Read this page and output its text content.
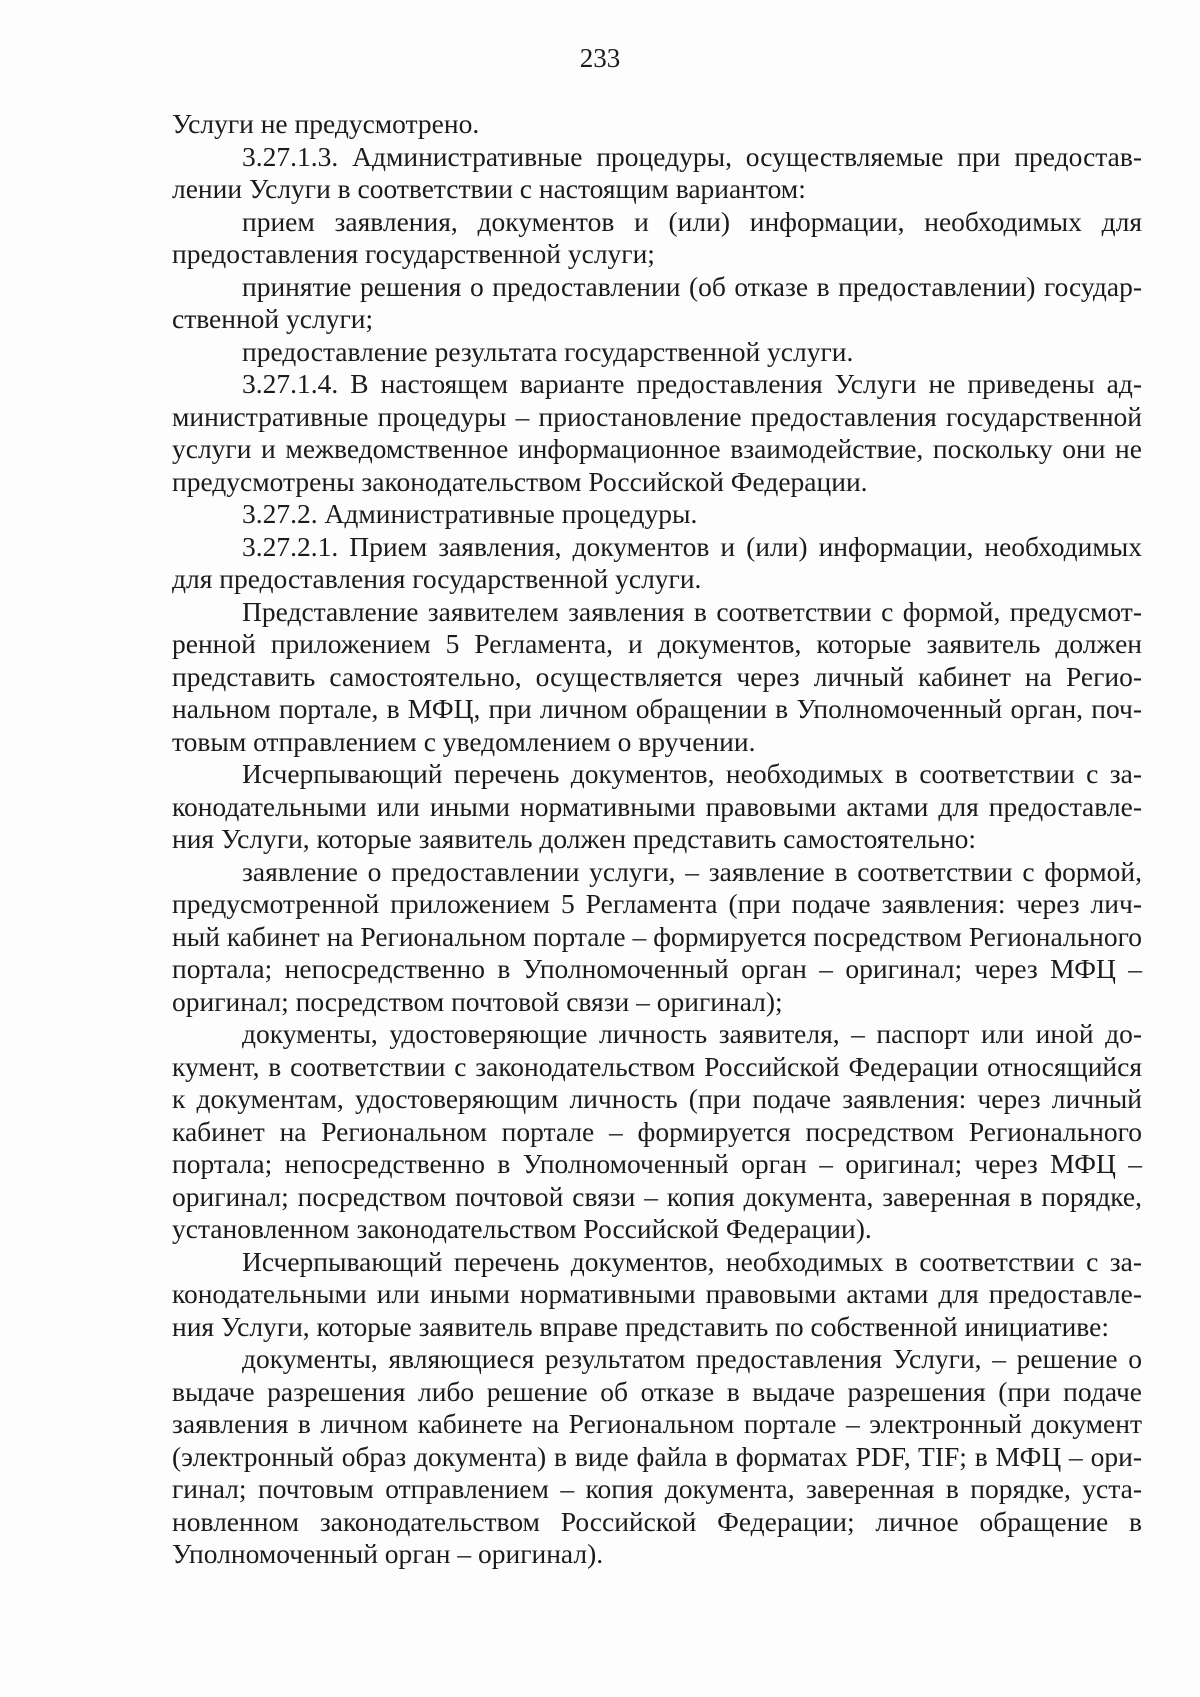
233

Услуги не предусмотрено.

3.27.1.3. Административные процедуры, осуществляемые при предоставлении Услуги в соответствии с настоящим вариантом:

прием заявления, документов и (или) информации, необходимых для предоставления государственной услуги;

принятие решения о предоставлении (об отказе в предоставлении) государственной услуги;

предоставление результата государственной услуги.

3.27.1.4. В настоящем варианте предоставления Услуги не приведены административные процедуры – приостановление предоставления государственной услуги и межведомственное информационное взаимодействие, поскольку они не предусмотрены законодательством Российской Федерации.

3.27.2. Административные процедуры.

3.27.2.1. Прием заявления, документов и (или) информации, необходимых для предоставления государственной услуги.

Представление заявителем заявления в соответствии с формой, предусмотренной приложением 5 Регламента, и документов, которые заявитель должен представить самостоятельно, осуществляется через личный кабинет на Региональном портале, в МФЦ, при личном обращении в Уполномоченный орган, почтовым отправлением с уведомлением о вручении.

Исчерпывающий перечень документов, необходимых в соответствии с законодательными или иными нормативными правовыми актами для предоставления Услуги, которые заявитель должен представить самостоятельно:

заявление о предоставлении услуги, – заявление в соответствии с формой, предусмотренной приложением 5 Регламента (при подаче заявления: через личный кабинет на Региональном портале – формируется посредством Регионального портала; непосредственно в Уполномоченный орган – оригинал; через МФЦ – оригинал; посредством почтовой связи – оригинал);

документы, удостоверяющие личность заявителя, – паспорт или иной документ, в соответствии с законодательством Российской Федерации относящийся к документам, удостоверяющим личность (при подаче заявления: через личный кабинет на Региональном портале – формируется посредством Регионального портала; непосредственно в Уполномоченный орган – оригинал; через МФЦ – оригинал; посредством почтовой связи – копия документа, заверенная в порядке, установленном законодательством Российской Федерации).

Исчерпывающий перечень документов, необходимых в соответствии с законодательными или иными нормативными правовыми актами для предоставления Услуги, которые заявитель вправе представить по собственной инициативе:

документы, являющиеся результатом предоставления Услуги, – решение о выдаче разрешения либо решение об отказе в выдаче разрешения (при подаче заявления в личном кабинете на Региональном портале – электронный документ (электронный образ документа) в виде файла в форматах PDF, TIF; в МФЦ – оригинал; почтовым отправлением – копия документа, заверенная в порядке, установленном законодательством Российской Федерации; личное обращение в Уполномоченный орган – оригинал).
